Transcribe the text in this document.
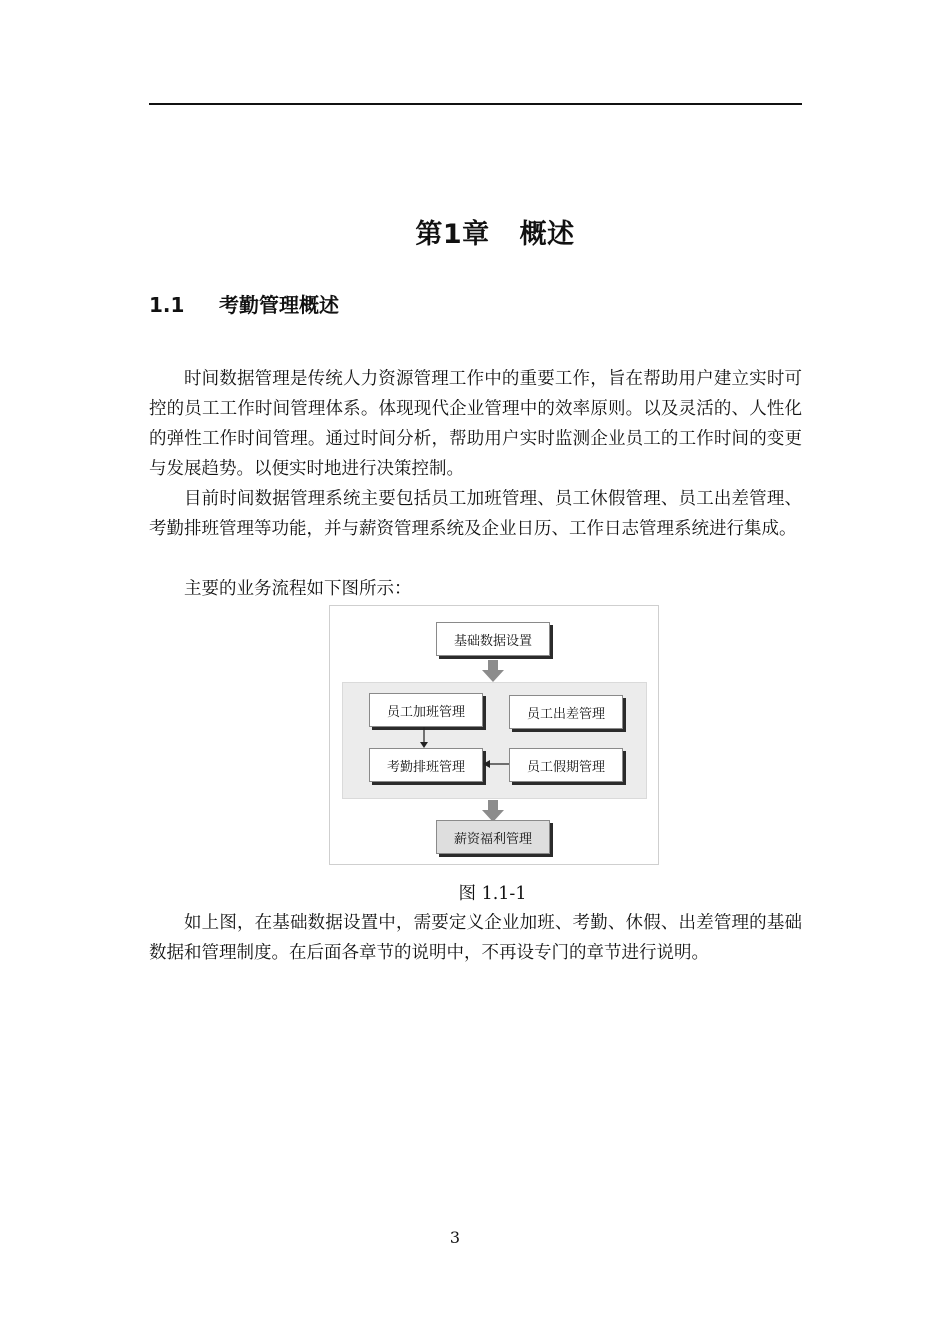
第1章 概述
1.1 考勤管理概述

时间数据管理是传统人力资源管理工作中的重要工作，旨在帮助用户建立实时可控的员工工作时间管理体系。体现现代企业管理中的效率原则。以及灵活的、人性化的弹性工作时间管理。通过时间分析，帮助用户实时监测企业员工的工作时间的变更与发展趋势。以便实时地进行决策控制。

目前时间数据管理系统主要包括员工加班管理、员工休假管理、员工出差管理、考勤排班管理等功能，并与薪资管理系统及企业日历、工作日志管理系统进行集成。

主要的业务流程如下图所示：

基础数据设置
员工加班管理	员工出差管理
考勤排班管理	员工假期管理
薪资福利管理
图 1.1-1

如上图，在基础数据设置中，需要定义企业加班、考勤、休假、出差管理的基础数据和管理制度。在后面各章节的说明中，不再设专门的章节进行说明。

3
